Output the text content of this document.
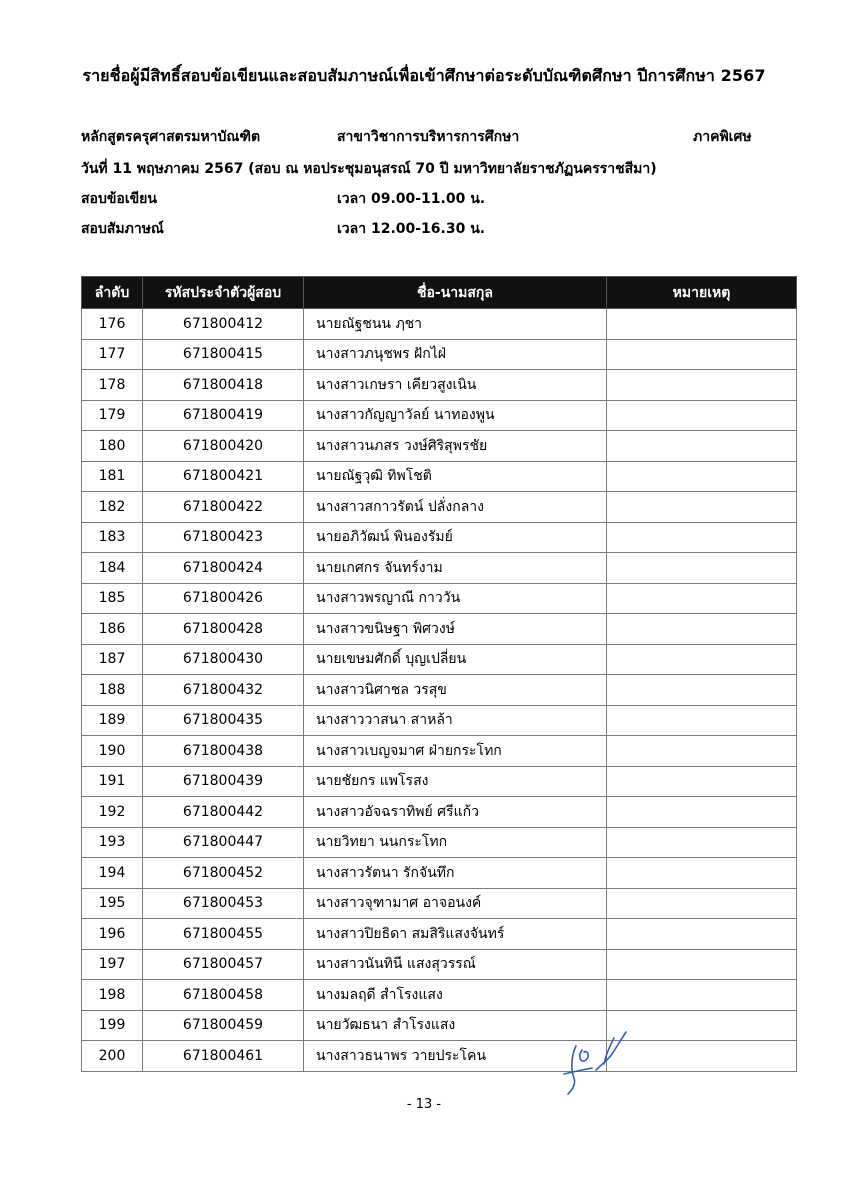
รายชื่อผู้มีสิทธิ์สอบข้อเขียนและสอบสัมภาษณ์เพื่อเข้าศึกษาต่อระดับบัณฑิตศึกษา ปีการศึกษา 2567
หลักสูตรครุศาสตรมหาบัณฑิต	สาขาวิชาการบริหารการศึกษา	ภาคพิเศษ
วันที่ 11 พฤษภาคม 2567 (สอบ ณ หอประชุมอนุสรณ์ 70 ปี มหาวิทยาลัยราชภัฏนครราชสีมา)
สอบข้อเขียน	เวลา 09.00-11.00 น.
สอบสัมภาษณ์	เวลา 12.00-16.30 น.
ลำดับ	รหัสประจำตัวผู้สอบ	ชื่อ-นามสกุล	หมายเหตุ
176	671800412	นายณัฐชนน ฦชา	
177	671800415	นางสาวภนุชพร ฝักไฝ่	
178	671800418	นางสาวเกษรา เคียวสูงเนิน	
179	671800419	นางสาวกัญญาวัลย์ นาทองพูน	
180	671800420	นางสาวนภสร วงษ์ศิริสุพรชัย	
181	671800421	นายณัฐวุฒิ ทิพโชติ	
182	671800422	นางสาวสกาวรัตน์ ปลั่งกลาง	
183	671800423	นายอภิวัฒน์ พินองรัมย์	
184	671800424	นายเกศกร จันทร์งาม	
185	671800426	นางสาวพรญาณี กาววัน	
186	671800428	นางสาวขนิษฐา พิศวงษ์	
187	671800430	นายเขษมศักดิ์ บุญเปลี่ยน	
188	671800432	นางสาวนิศาชล วรสุข	
189	671800435	นางสาววาสนา สาหล้า	
190	671800438	นางสาวเบญจมาศ ฝ่ายกระโทก	
191	671800439	นายชัยกร แพโรสง	
192	671800442	นางสาวอัจฉราทิพย์ ศรีแก้ว	
193	671800447	นายวิทยา นนกระโทก	
194	671800452	นางสาวรัตนา รักจันทึก	
195	671800453	นางสาวจุฑามาศ อาจอนงค์	
196	671800455	นางสาวปิยธิดา สมสิริแสงจันทร์	
197	671800457	นางสาวนันทินี แสงสุวรรณ์	
198	671800458	นางมลฤดี สำโรงแสง	
199	671800459	นายวัฒธนา สำโรงแสง	
200	671800461	นางสาวธนาพร วายประโคน	
- 13 -
